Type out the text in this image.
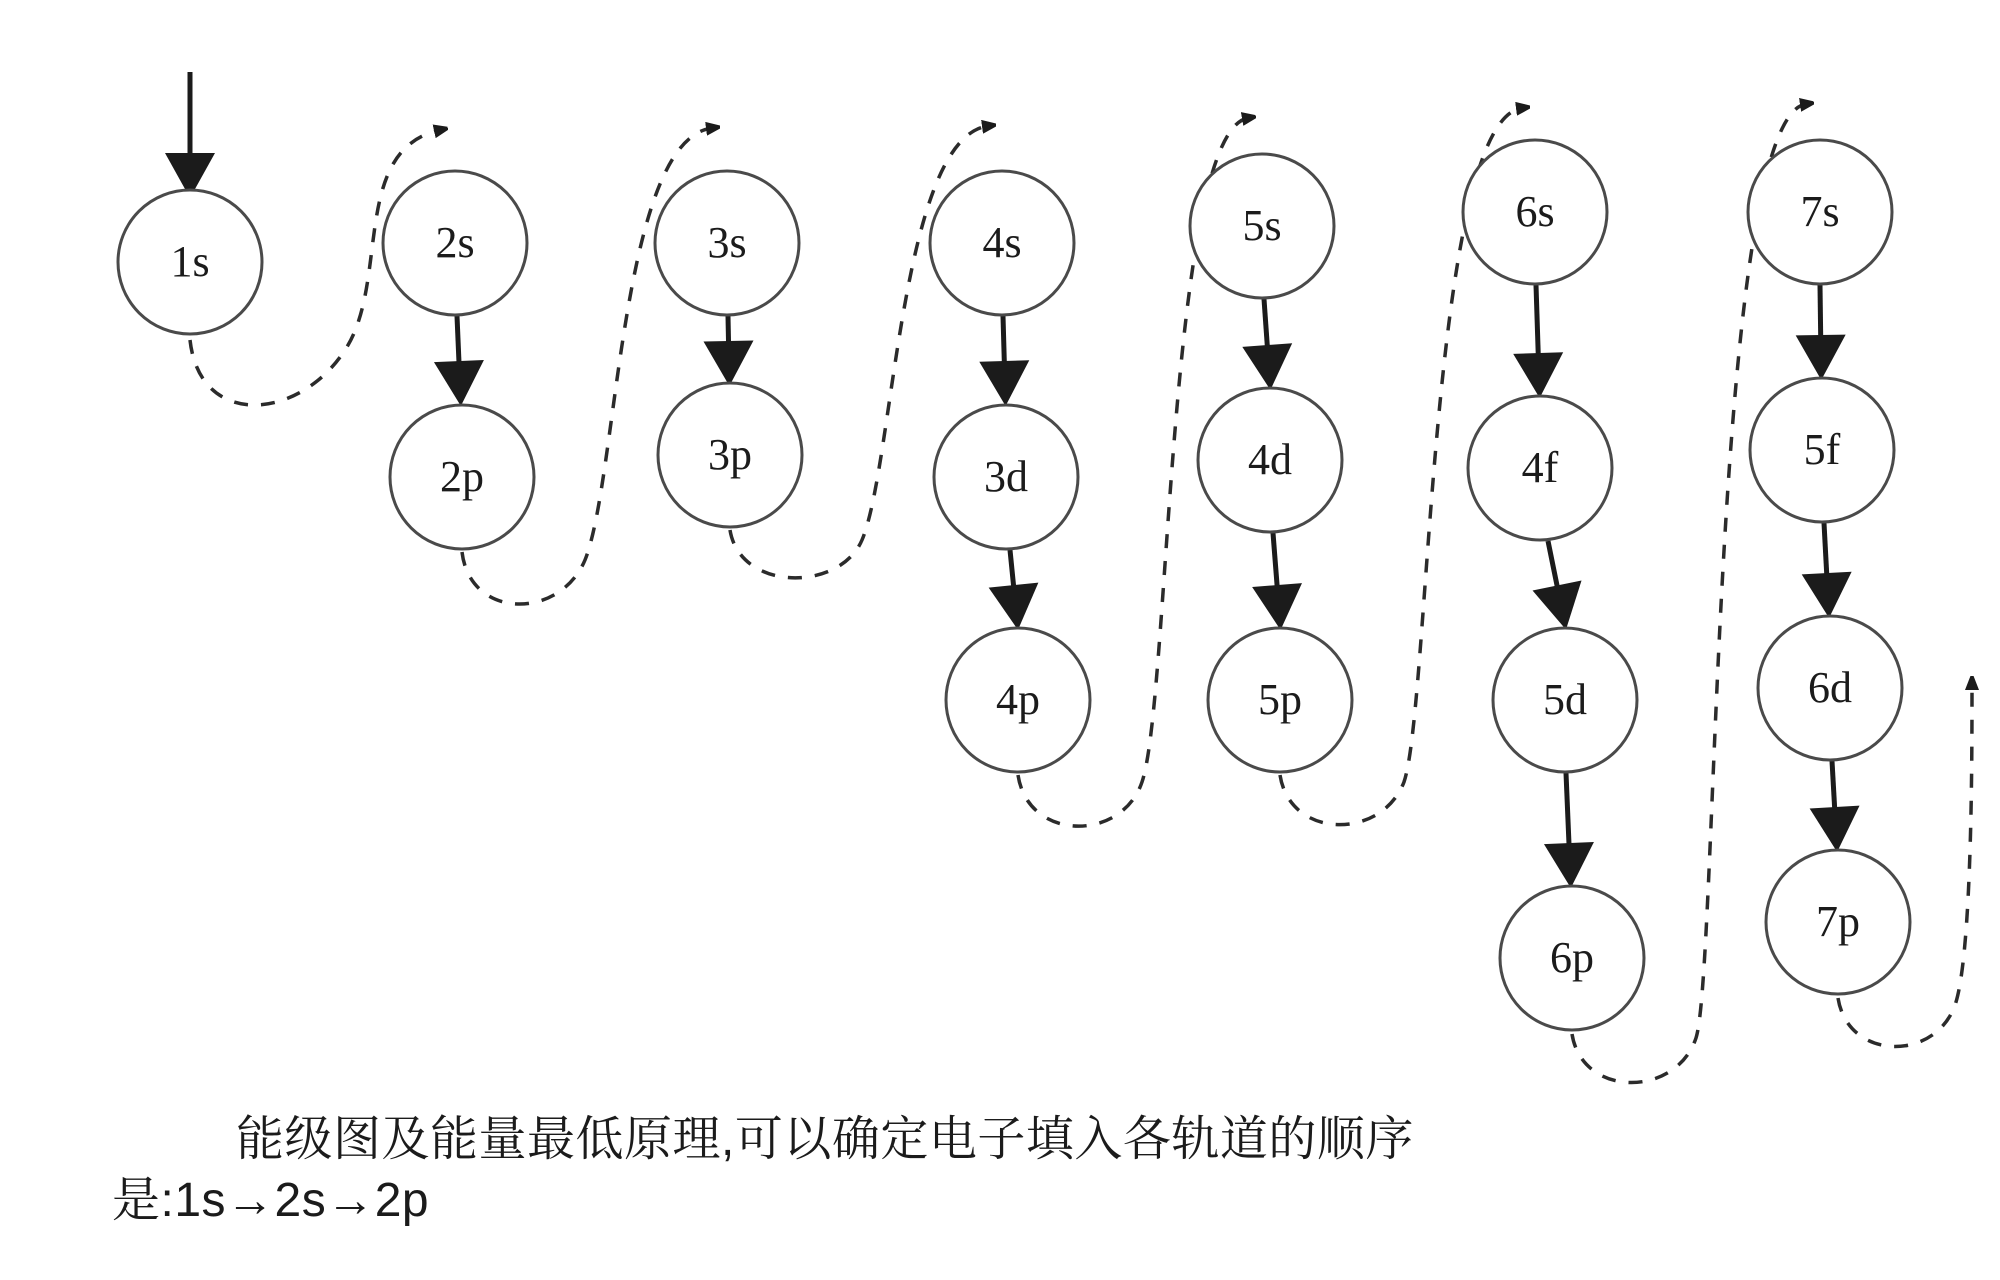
1s	2s
2p
3s
3p
4s
3d
4p
5s
4d
5p
6s
4f
5d
6p
7s
5f
6d
7p
能级图及能量最低原理,可以确定电子填入各轨道的顺序
是:1s→2s→2p
